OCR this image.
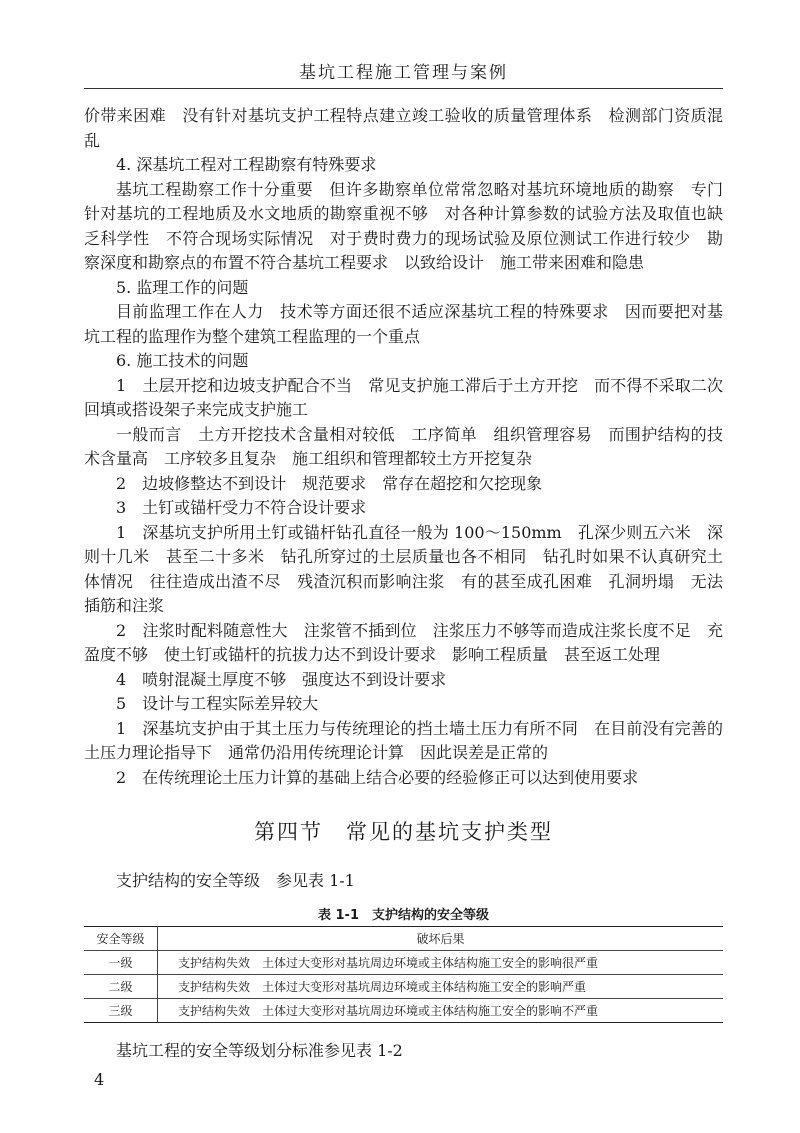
基坑工程施工管理与案例

价带来困难　没有针对基坑支护工程特点建立竣工验收的质量管理体系　检测部门资质混乱

4. 深基坑工程对工程勘察有特殊要求

基坑工程勘察工作十分重要　但许多勘察单位常常忽略对基坑环境地质的勘察　专门针对基坑的工程地质及水文地质的勘察重视不够　对各种计算参数的试验方法及取值也缺乏科学性　不符合现场实际情况　对于费时费力的现场试验及原位测试工作进行较少　勘察深度和勘察点的布置不符合基坑工程要求　以致给设计　施工带来困难和隐患

5. 监理工作的问题

目前监理工作在人力　技术等方面还很不适应深基坑工程的特殊要求　因而要把对基坑工程的监理作为整个建筑工程监理的一个重点

6. 施工技术的问题

1　土层开挖和边坡支护配合不当　常见支护施工滞后于土方开挖　而不得不采取二次回填或搭设架子来完成支护施工

一般而言　土方开挖技术含量相对较低　工序简单　组织管理容易　而围护结构的技术含量高　工序较多且复杂　施工组织和管理都较土方开挖复杂

2　边坡修整达不到设计　规范要求　常存在超挖和欠挖现象

3　土钉或锚杆受力不符合设计要求

1　深基坑支护所用土钉或锚杆钻孔直径一般为 100～150mm　孔深少则五六米　深则十几米　甚至二十多米　钻孔所穿过的土层质量也各不相同　钻孔时如果不认真研究土体情况　往往造成出渣不尽　残渣沉积而影响注浆　有的甚至成孔困难　孔洞坍塌　无法插筋和注浆

2　注浆时配料随意性大　注浆管不插到位　注浆压力不够等而造成注浆长度不足　充盈度不够　使土钉或锚杆的抗拔力达不到设计要求　影响工程质量　甚至返工处理

4　喷射混凝土厚度不够　强度达不到设计要求

5　设计与工程实际差异较大

1　深基坑支护由于其土压力与传统理论的挡土墙土压力有所不同　在目前没有完善的土压力理论指导下　通常仍沿用传统理论计算　因此误差是正常的

2　在传统理论土压力计算的基础上结合必要的经验修正可以达到使用要求

第四节　常见的基坑支护类型
支护结构的安全等级　参见表 1-1
表 1-1　支护结构的安全等级
安全等级	破坏后果
一级	支护结构失效　土体过大变形对基坑周边环境或主体结构施工安全的影响很严重
二级	支护结构失效　土体过大变形对基坑周边环境或主体结构施工安全的影响严重
三级	支护结构失效　土体过大变形对基坑周边环境或主体结构施工安全的影响不严重
基坑工程的安全等级划分标准参见表 1-2
4
